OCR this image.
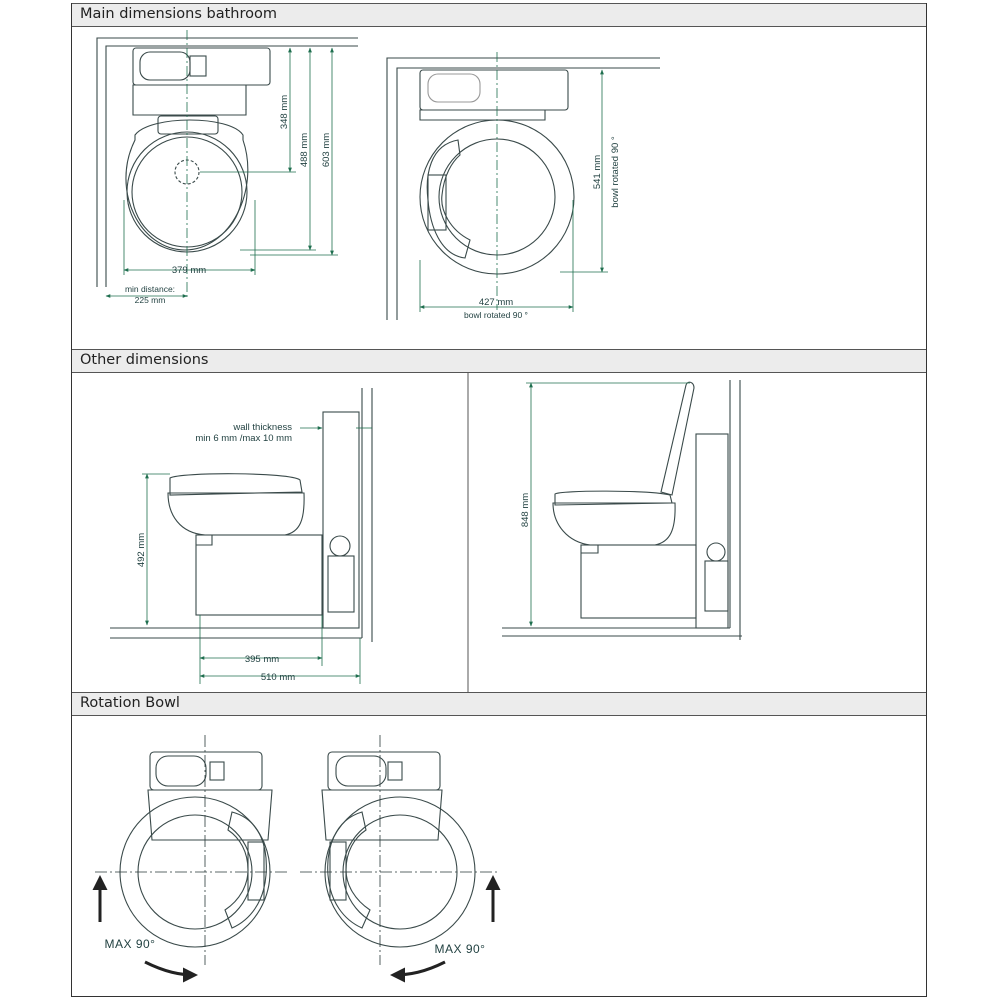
Main dimensions bathroom
Other dimensions
Rotation Bowl
348 mm
488 mm 603 mm
379 mm
min distance:
225 mm
541 mm bowl rotated 90 °
427 mm
bowl rotated 90 °
492 mm
395 mm
510 mm
wall thickness
min 6 mm /max 10 mm
848 mm
MAX 90°	MAX 90°
